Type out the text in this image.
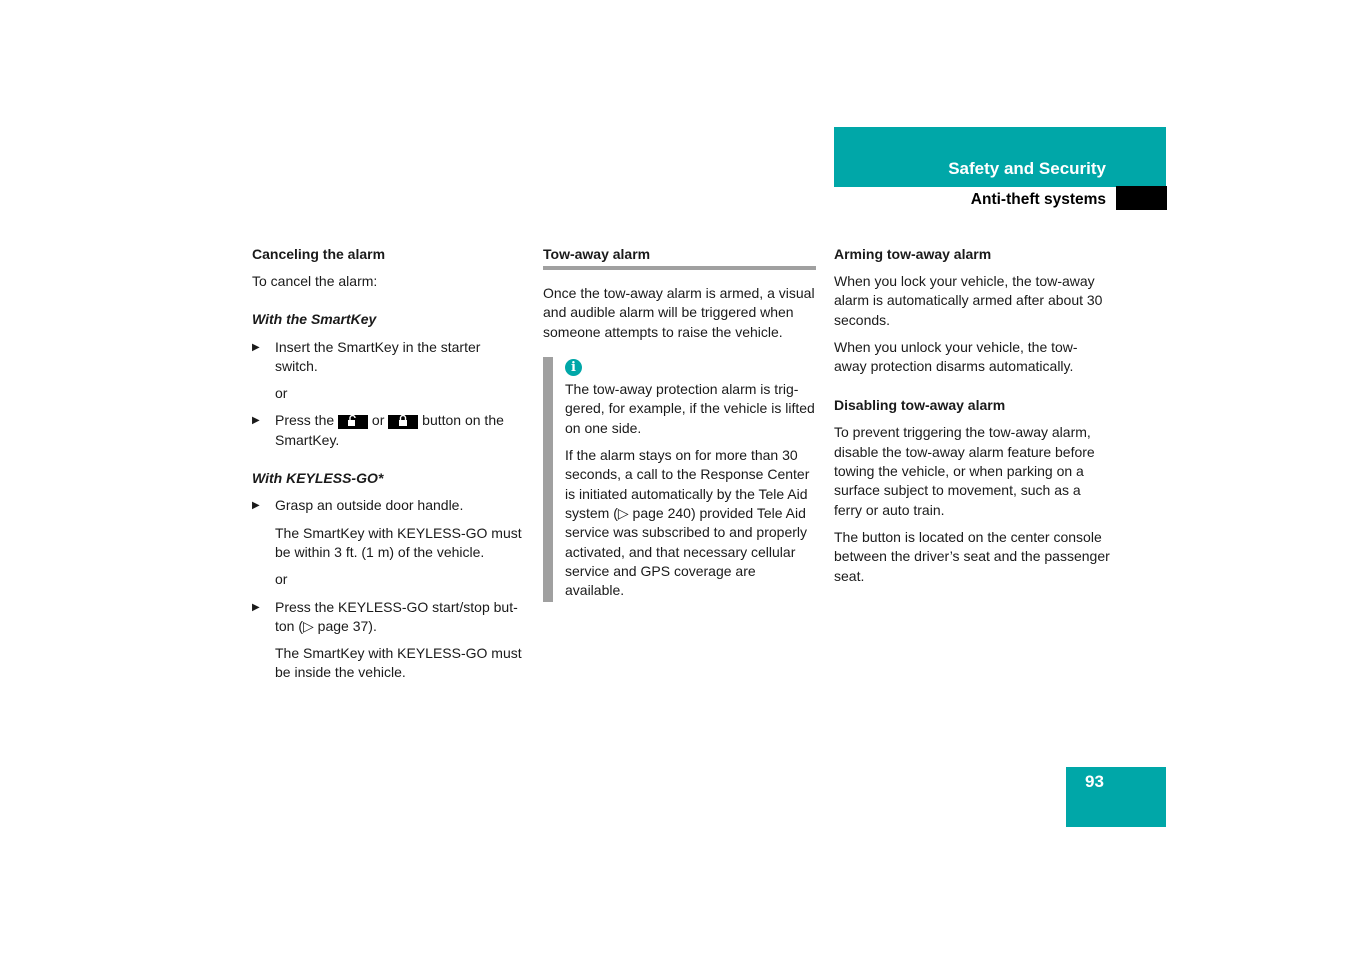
Safety and Security
Anti-theft systems

Canceling the alarm

To cancel the alarm:

With the SmartKey

▶ Insert the SmartKey in the starter switch.

or

▶ Press the	or	button on the SmartKey.

With KEYLESS-GO*

▶ Grasp an outside door handle.

The SmartKey with KEYLESS-GO must be within 3 ft. (1 m) of the vehicle.

or

▶ Press the KEYLESS-GO start/stop button (▷ page 37).

The SmartKey with KEYLESS-GO must be inside the vehicle.

Tow-away alarm

Once the tow-away alarm is armed, a visual and audible alarm will be triggered when someone attempts to raise the vehicle.

i

The tow-away protection alarm is triggered, for example, if the vehicle is lifted on one side.

If the alarm stays on for more than 30 seconds, a call to the Response Center is initiated automatically by the Tele Aid system (▷ page 240) provided Tele Aid service was subscribed to and properly activated, and that necessary cellular service and GPS coverage are available.

Arming tow-away alarm

When you lock your vehicle, the tow-away alarm is automatically armed after about 30 seconds.

When you unlock your vehicle, the tow-away protection disarms automatically.

Disabling tow-away alarm

To prevent triggering the tow-away alarm, disable the tow-away alarm feature before towing the vehicle, or when parking on a surface subject to movement, such as a ferry or auto train.

The button is located on the center console between the driver’s seat and the passenger seat.

93
